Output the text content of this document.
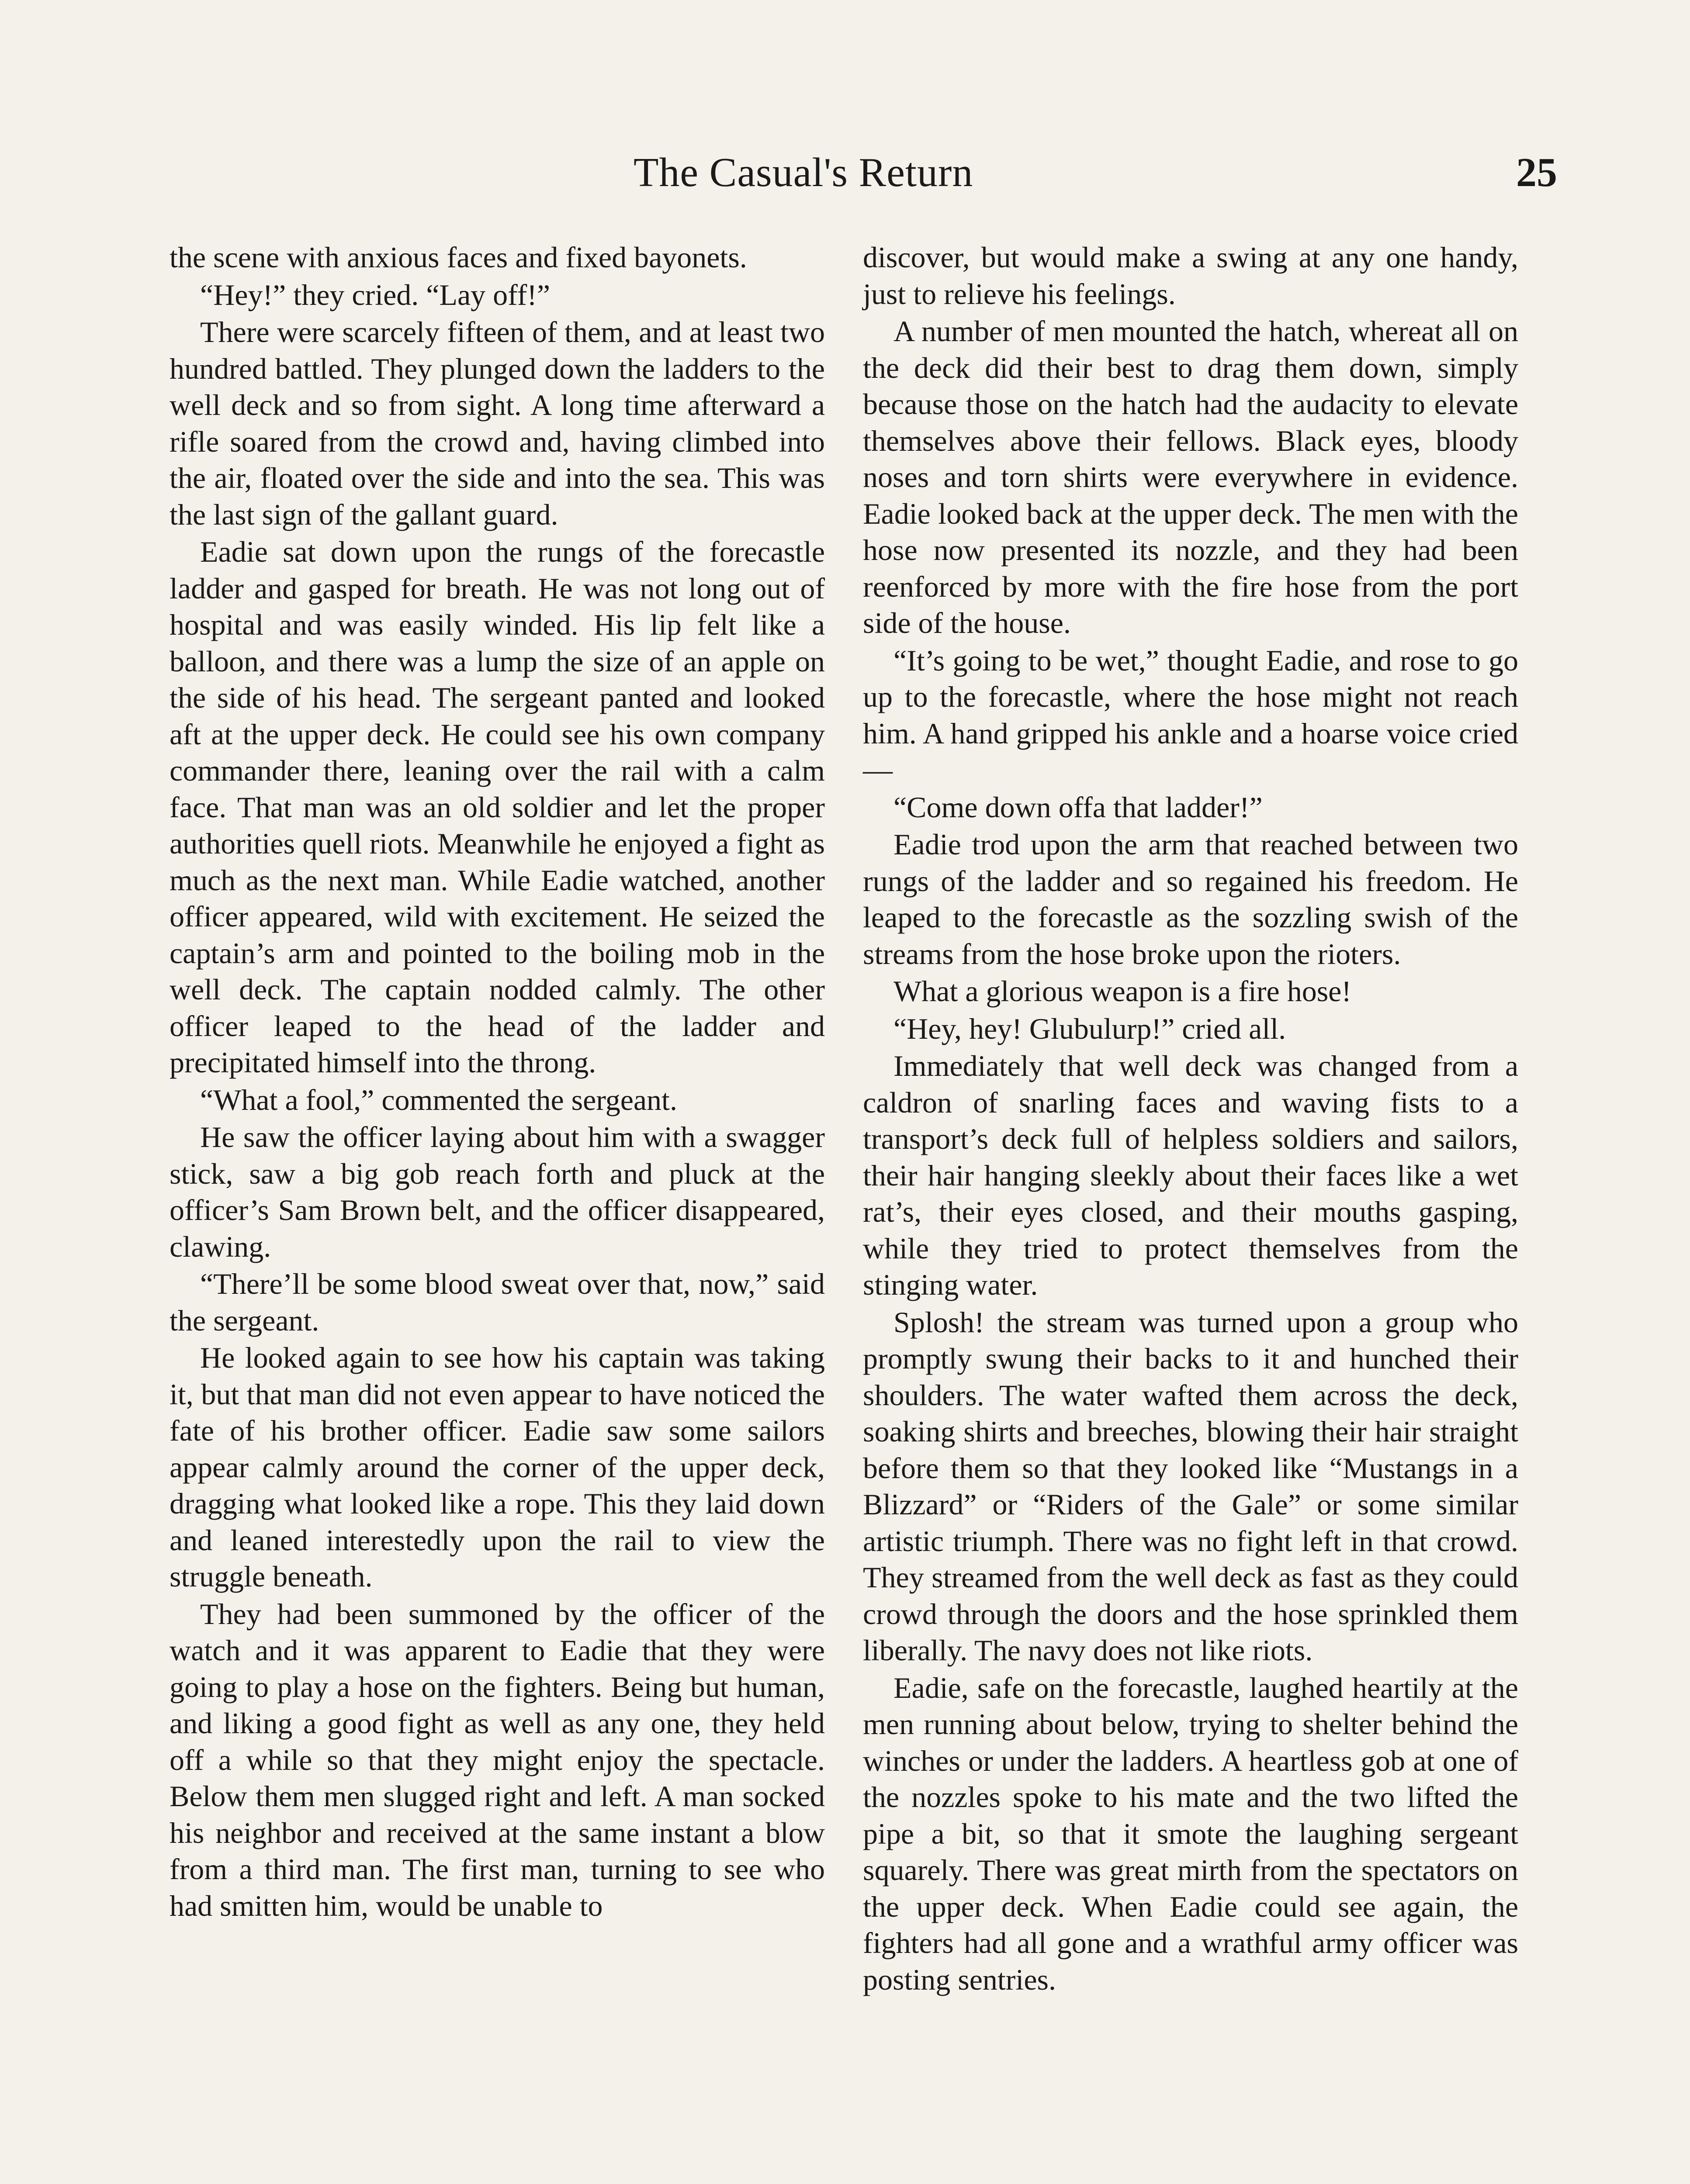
The Casual's Return	25

the scene with anxious faces and fixed bayonets.

“Hey!” they cried. “Lay off!”

There were scarcely fifteen of them, and at least two hundred battled. They plunged down the ladders to the well deck and so from sight. A long time afterward a rifle soared from the crowd and, having climbed into the air, floated over the side and into the sea. This was the last sign of the gallant guard.

Eadie sat down upon the rungs of the forecastle ladder and gasped for breath. He was not long out of hospital and was easily winded. His lip felt like a balloon, and there was a lump the size of an apple on the side of his head. The sergeant panted and looked aft at the upper deck. He could see his own company commander there, leaning over the rail with a calm face. That man was an old soldier and let the proper authorities quell riots. Meanwhile he enjoyed a fight as much as the next man. While Eadie watched, another officer appeared, wild with excitement. He seized the captain’s arm and pointed to the boiling mob in the well deck. The captain nodded calmly. The other officer leaped to the head of the ladder and precipitated himself into the throng.

“What a fool,” commented the sergeant.

He saw the officer laying about him with a swagger stick, saw a big gob reach forth and pluck at the officer’s Sam Brown belt, and the officer disappeared, clawing.

“There’ll be some blood sweat over that, now,” said the sergeant.

He looked again to see how his captain was taking it, but that man did not even appear to have noticed the fate of his brother officer. Eadie saw some sailors appear calmly around the corner of the upper deck, dragging what looked like a rope. This they laid down and leaned interestedly upon the rail to view the struggle beneath.

They had been summoned by the officer of the watch and it was apparent to Eadie that they were going to play a hose on the fighters. Being but human, and liking a good fight as well as any one, they held off a while so that they might enjoy the spectacle. Below them men slugged right and left. A man socked his neighbor and received at the same instant a blow from a third man. The first man, turning to see who had smitten him, would be unable to

discover, but would make a swing at any one handy, just to relieve his feelings.

A number of men mounted the hatch, whereat all on the deck did their best to drag them down, simply because those on the hatch had the audacity to elevate themselves above their fellows. Black eyes, bloody noses and torn shirts were everywhere in evidence. Eadie looked back at the upper deck. The men with the hose now presented its nozzle, and they had been reenforced by more with the fire hose from the port side of the house.

“It’s going to be wet,” thought Eadie, and rose to go up to the forecastle, where the hose might not reach him. A hand gripped his ankle and a hoarse voice cried—

“Come down offa that ladder!”

Eadie trod upon the arm that reached between two rungs of the ladder and so regained his freedom. He leaped to the forecastle as the sozzling swish of the streams from the hose broke upon the rioters.

What a glorious weapon is a fire hose!

“Hey, hey! Glubulurp!” cried all.

Immediately that well deck was changed from a caldron of snarling faces and waving fists to a transport’s deck full of helpless soldiers and sailors, their hair hanging sleekly about their faces like a wet rat’s, their eyes closed, and their mouths gasping, while they tried to protect themselves from the stinging water.

Splosh! the stream was turned upon a group who promptly swung their backs to it and hunched their shoulders. The water wafted them across the deck, soaking shirts and breeches, blowing their hair straight before them so that they looked like “Mustangs in a Blizzard” or “Riders of the Gale” or some similar artistic triumph. There was no fight left in that crowd. They streamed from the well deck as fast as they could crowd through the doors and the hose sprinkled them liberally. The navy does not like riots.

Eadie, safe on the forecastle, laughed heartily at the men running about below, trying to shelter behind the winches or under the ladders. A heartless gob at one of the nozzles spoke to his mate and the two lifted the pipe a bit, so that it smote the laughing sergeant squarely. There was great mirth from the spectators on the upper deck. When Eadie could see again, the fighters had all gone and a wrathful army officer was posting sentries.
